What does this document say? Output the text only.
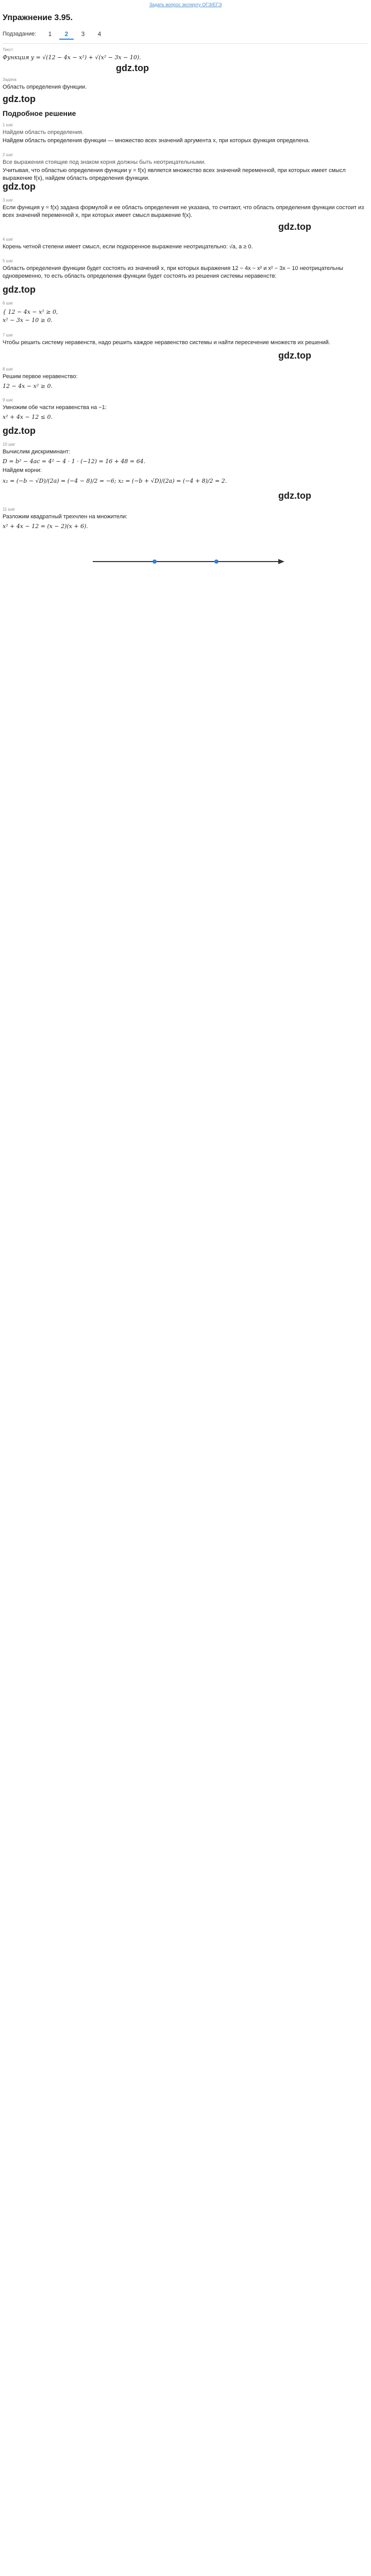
Задать вопрос эксперту ОГЭ/ЕГЭ
Упражнение 3.95.
Подзадание:	1	2	3	4
Текст
Функция y = √(12 − 4x − x²) + √(x² − 3x − 10).
gdz.top
Задача
Область определения функции.
gdz.top
Подробное решение
1 шаг
Найдем область определения.
Найдем область определения функции — множество всех значений аргумента x, при которых функция определена.
2 шаг
Все выражения стоящие под знаком корня должны быть неотрицательными.
Учитывая, что областью определения функции y = f(x) является множество всех значений переменной, при которых имеет смысл выражение f(x), найдем область определения функции.
gdz.top
3 шаг
Если функция y = f(x) задана формулой и ее область определения не указана, то считают, что область определения функции состоит из всех значений переменной x, при которых имеет смысл выражение f(x).
gdz.top
4 шаг
Корень четной степени имеет смысл, если подкоренное выражение неотрицательно: √a, a ≥ 0.
5 шаг
Область определения функции будет состоять из значений x, при которых выражения 12 − 4x − x² и x² − 3x − 10 неотрицательны одновременно, то есть область определения функции будет состоять из решения системы неравенств:
gdz.top
6 шаг
{ 12 − 4x − x² ≥ 0,
x² − 3x − 10 ≥ 0.
7 шаг
Чтобы решить систему неравенств, надо решить каждое неравенство системы и найти пересечение множеств их решений.
gdz.top
8 шаг
Решим первое неравенство:
12 − 4x − x² ≥ 0.
9 шаг
Умножим обе части неравенства на −1:
x² + 4x − 12 ≤ 0.
gdz.top
10 шаг
Вычислим дискриминант:
D = b² − 4ac = 4² − 4 · 1 · (−12) = 16 + 48 = 64.
Найдем корни:
x₁ = (−b − √D)/(2a) = (−4 − 8)/2 = −6; x₂ = (−b + √D)/(2a) = (−4 + 8)/2 = 2.
gdz.top
11 шаг
Разложим квадратный трехчлен на множители:
x² + 4x − 12 = (x − 2)(x + 6).
